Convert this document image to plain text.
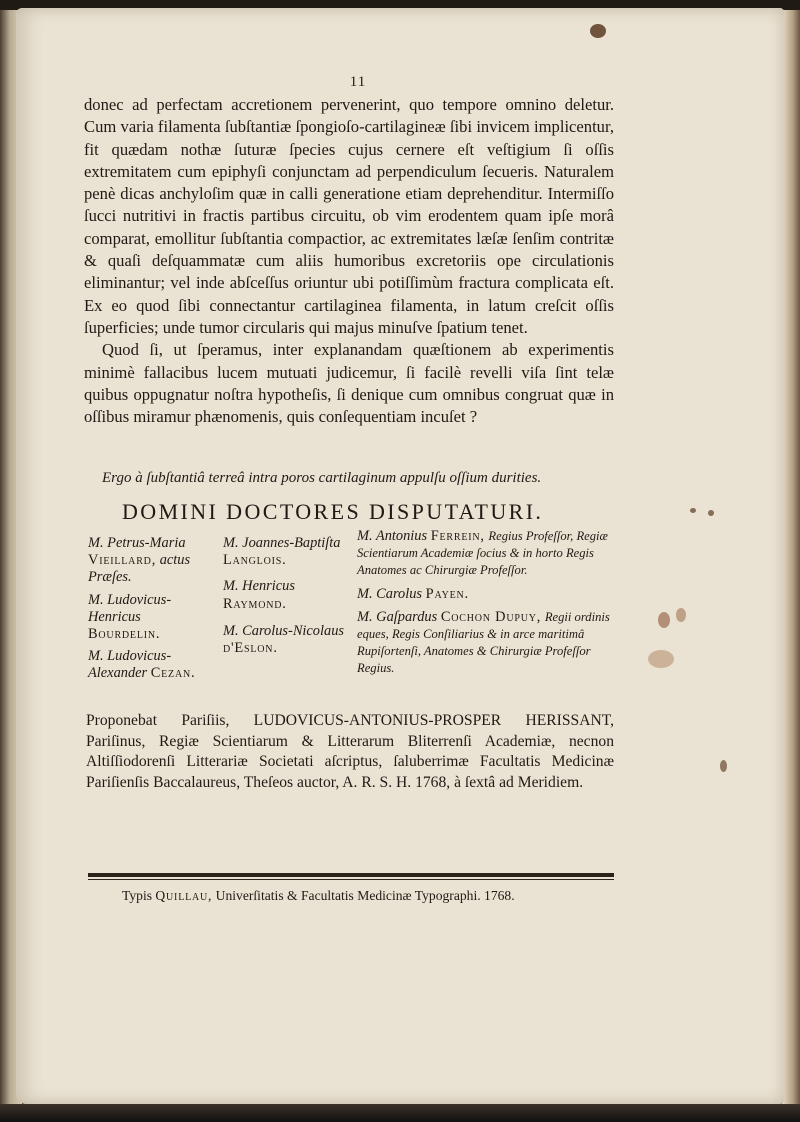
11

donec ad perfectam accretionem pervenerint, quo tempore omnino deletur. Cum varia filamenta ſubſtantiæ ſpongioſo-cartilagineæ ſibi invicem implicentur, fit quædam nothæ ſuturæ ſpecies cujus cernere eſt veſtigium ſi oſſis extremitatem cum epiphyſi conjunctam ad perpendiculum ſecueris. Naturalem penè dicas anchyloſim quæ in calli generatione etiam deprehenditur. Intermiſſo ſucci nutritivi in fractis partibus circuitu, ob vim erodentem quam ipſe morâ comparat, emollitur ſubſtantia compactior, ac extremitates læſæ ſenſim contritæ & quaſi deſquammatæ cum aliis humoribus excretoriis ope circulationis eliminantur; vel inde abſceſſus oriuntur ubi potiſſimùm fractura complicata eſt. Ex eo quod ſibi connectantur cartilaginea filamenta, in latum creſcit oſſis ſuperficies; unde tumor circularis qui majus minuſve ſpatium tenet.

Quod ſi, ut ſperamus, inter explanandam quæſtionem ab experimentis minimè fallacibus lucem mutuati judicemur, ſi facilè revelli viſa ſint telæ quibus oppugnatur noſtra hypotheſis, ſi denique cum omnibus congruat quæ in oſſibus miramur phænomenis, quis conſequentiam incuſet ?

Ergo à ſubſtantiâ terreâ intra poros cartilaginum appulſu oſſium durities.
DOMINI DOCTORES DISPUTATURI.
M. Petrus-Maria Vieillard, actus Præſes.
M. Ludovicus-Henricus Bourdelin.
M. Ludovicus-Alexander Cezan.
M. Joannes-Baptiſta Langlois.
M. Henricus Raymond.
M. Carolus-Nicolaus d'Eslon.
M. Antonius Ferrein, Regius Profeſſor, Regiæ Scientiarum Academiæ ſocius & in horto Regis Anatomes ac Chirurgiæ Profeſſor.
M. Carolus Payen.
M. Gaſpardus Cochon Dupuy, Regii ordinis eques, Regis Conſiliarius & in arce maritimâ Rupiſortenſi, Anatomes & Chirurgiæ Profeſſor Regius.
Proponebat Pariſiis, LUDOVICUS-ANTONIUS-PROSPER HERISSANT, Pariſinus, Regiæ Scientiarum & Litterarum Bliterrenſi Academiæ, necnon Altiſſiodorenſi Litterariæ Societati aſcriptus, ſaluberrimæ Facultatis Medicinæ Pariſienſis Baccalaureus, Theſeos auctor, A. R. S. H. 1768, à ſextâ ad Meridiem.
Typis Quillau, Univerſitatis & Facultatis Medicinæ Typographi. 1768.
